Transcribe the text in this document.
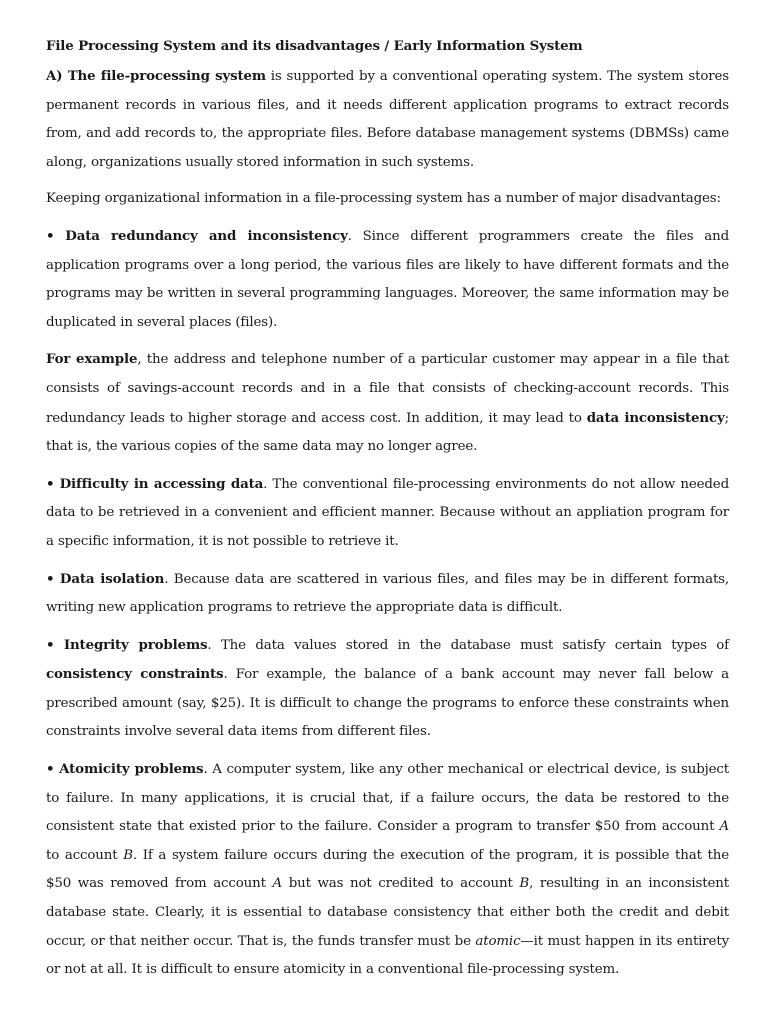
File Processing System and its disadvantages / Early Information System

A) The file-processing system is supported by a conventional operating system. The system stores permanent records in various files, and it needs different application programs to extract records from, and add records to, the appropriate files. Before database management systems (DBMSs) came along, organizations usually stored information in such systems.

Keeping organizational information in a file-processing system has a number of major disadvantages:

• Data redundancy and inconsistency. Since different programmers create the files and application programs over a long period, the various files are likely to have different formats and the programs may be written in several programming languages. Moreover, the same information may be duplicated in several places (files).

For example, the address and telephone number of a particular customer may appear in a file that consists of savings-account records and in a file that consists of checking-account records. This redundancy leads to higher storage and access cost. In addition, it may lead to data inconsistency; that is, the various copies of the same data may no longer agree.

• Difficulty in accessing data. The conventional file-processing environments do not allow needed data to be retrieved in a convenient and efficient manner. Because without an appliation program for a specific information, it is not possible to retrieve it.

• Data isolation. Because data are scattered in various files, and files may be in different formats, writing new application programs to retrieve the appropriate data is difficult.

• Integrity problems. The data values stored in the database must satisfy certain types of consistency constraints. For example, the balance of a bank account may never fall below a prescribed amount (say, $25). It is difficult to change the programs to enforce these constraints when constraints involve several data items from different files.

• Atomicity problems. A computer system, like any other mechanical or electrical device, is subject to failure. In many applications, it is crucial that, if a failure occurs, the data be restored to the consistent state that existed prior to the failure. Consider a program to transfer $50 from account A to account B. If a system failure occurs during the execution of the program, it is possible that the $50 was removed from account A but was not credited to account B, resulting in an inconsistent database state. Clearly, it is essential to database consistency that either both the credit and debit occur, or that neither occur. That is, the funds transfer must be atomic—it must happen in its entirety or not at all. It is difficult to ensure atomicity in a conventional file-processing system.
